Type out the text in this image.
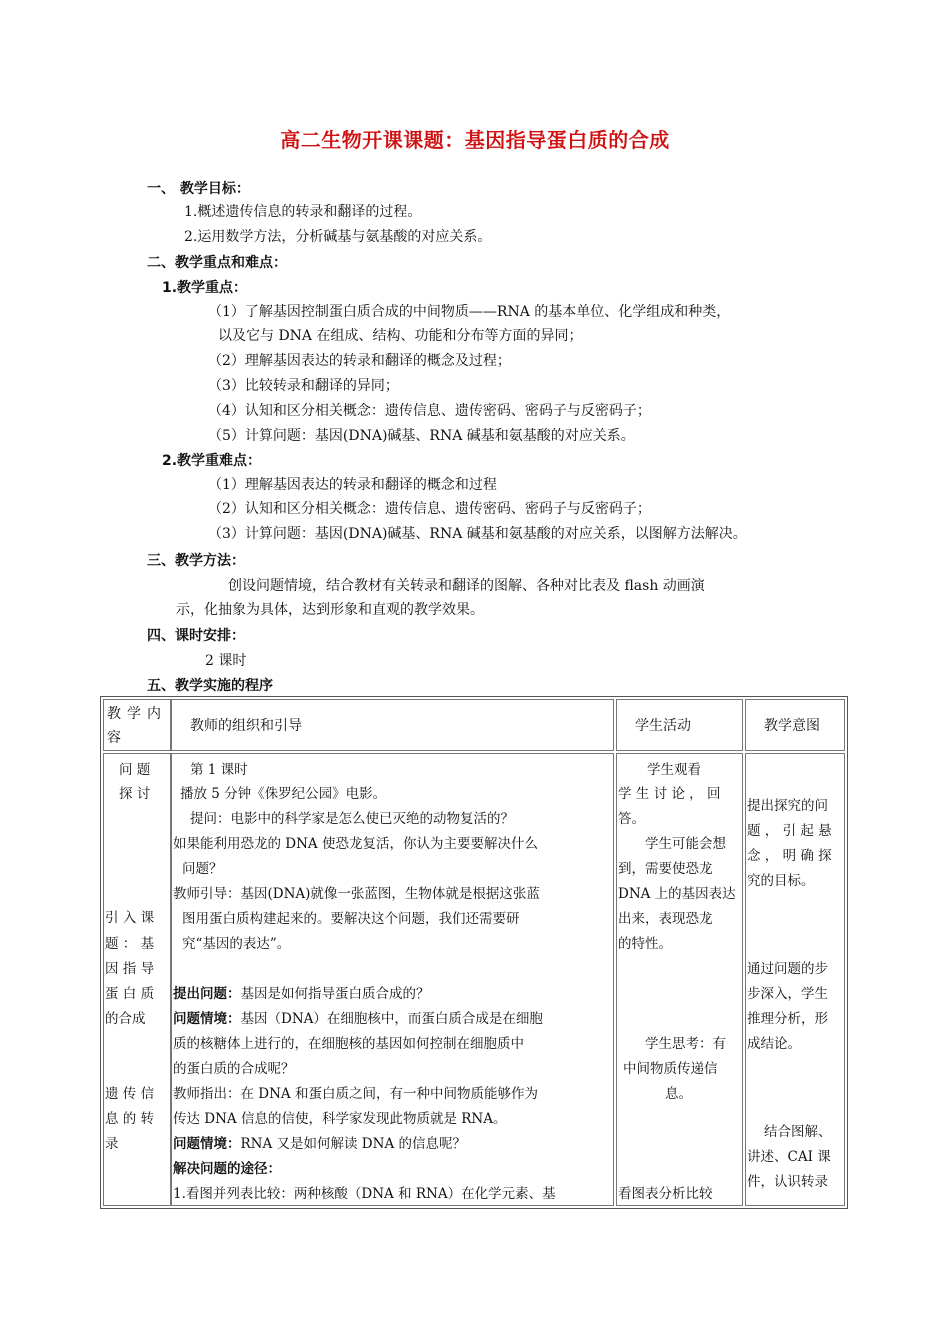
高二生物开课课题：基因指导蛋白质的合成
一、 教学目标：
1.概述遗传信息的转录和翻译的过程。
2.运用数学方法，分析碱基与氨基酸的对应关系。
二、教学重点和难点：
1.教学重点：
（1）了解基因控制蛋白质合成的中间物质——RNA 的基本单位、化学组成和种类，
以及它与 DNA 在组成、结构、功能和分布等方面的异同；
（2）理解基因表达的转录和翻译的概念及过程；
（3）比较转录和翻译的异同；
（4）认知和区分相关概念：遗传信息、遗传密码、密码子与反密码子；
（5）计算问题：基因(DNA)碱基、RNA 碱基和氨基酸的对应关系。
2.教学重难点：
（1）理解基因表达的转录和翻译的概念和过程
（2）认知和区分相关概念：遗传信息、遗传密码、密码子与反密码子；
（3）计算问题：基因(DNA)碱基、RNA 碱基和氨基酸的对应关系，以图解方法解决。
三、教学方法：
创设问题情境，结合教材有关转录和翻译的图解、各种对比表及 flash 动画演
示，化抽象为具体，达到形象和直观的教学效果。
四、课时安排：
2 课时
五、教学实施的程序
教学内容
教师的组织和引导	学生活动	教学意图
问 题
探 讨
引 入 课
题 ： 基
因 指 导
蛋 白 质
的合成
遗 传 信
息 的 转
录
第 1 课时
播放 5 分钟《侏罗纪公园》电影。
提问：电影中的科学家是怎么使已灭绝的动物复活的？
如果能利用恐龙的 DNA 使恐龙复活，你认为主要要解决什么
问题？
教师引导：基因(DNA)就像一张蓝图，生物体就是根据这张蓝
图用蛋白质构建起来的。要解决这个问题，我们还需要研
究“基因的表达”。
提出问题：基因是如何指导蛋白质合成的？
问题情境：基因（DNA）在细胞核中，而蛋白质合成是在细胞
质的核糖体上进行的，在细胞核的基因如何控制在细胞质中
的蛋白质的合成呢？
教师指出：在 DNA 和蛋白质之间，有一种中间物质能够作为
传达 DNA 信息的信使，科学家发现此物质就是 RNA。
问题情境：RNA 又是如何解读 DNA 的信息呢？
解决问题的途径：
1.看图并列表比较：两种核酸（DNA 和 RNA）在化学元素、基
学生观看
学 生 讨 论 ， 回
答。
学生可能会想
到，需要使恐龙
DNA 上的基因表达
出来，表现恐龙
的特性。
学生思考：有
中间物质传递信
息。
看图表分析比较
提出探究的问
题 ， 引 起 悬
念 ， 明 确 探
究的目标。
通过问题的步
步深入，学生
推理分析，形
成结论。
结合图解、
讲述、CAI 课
件，认识转录
